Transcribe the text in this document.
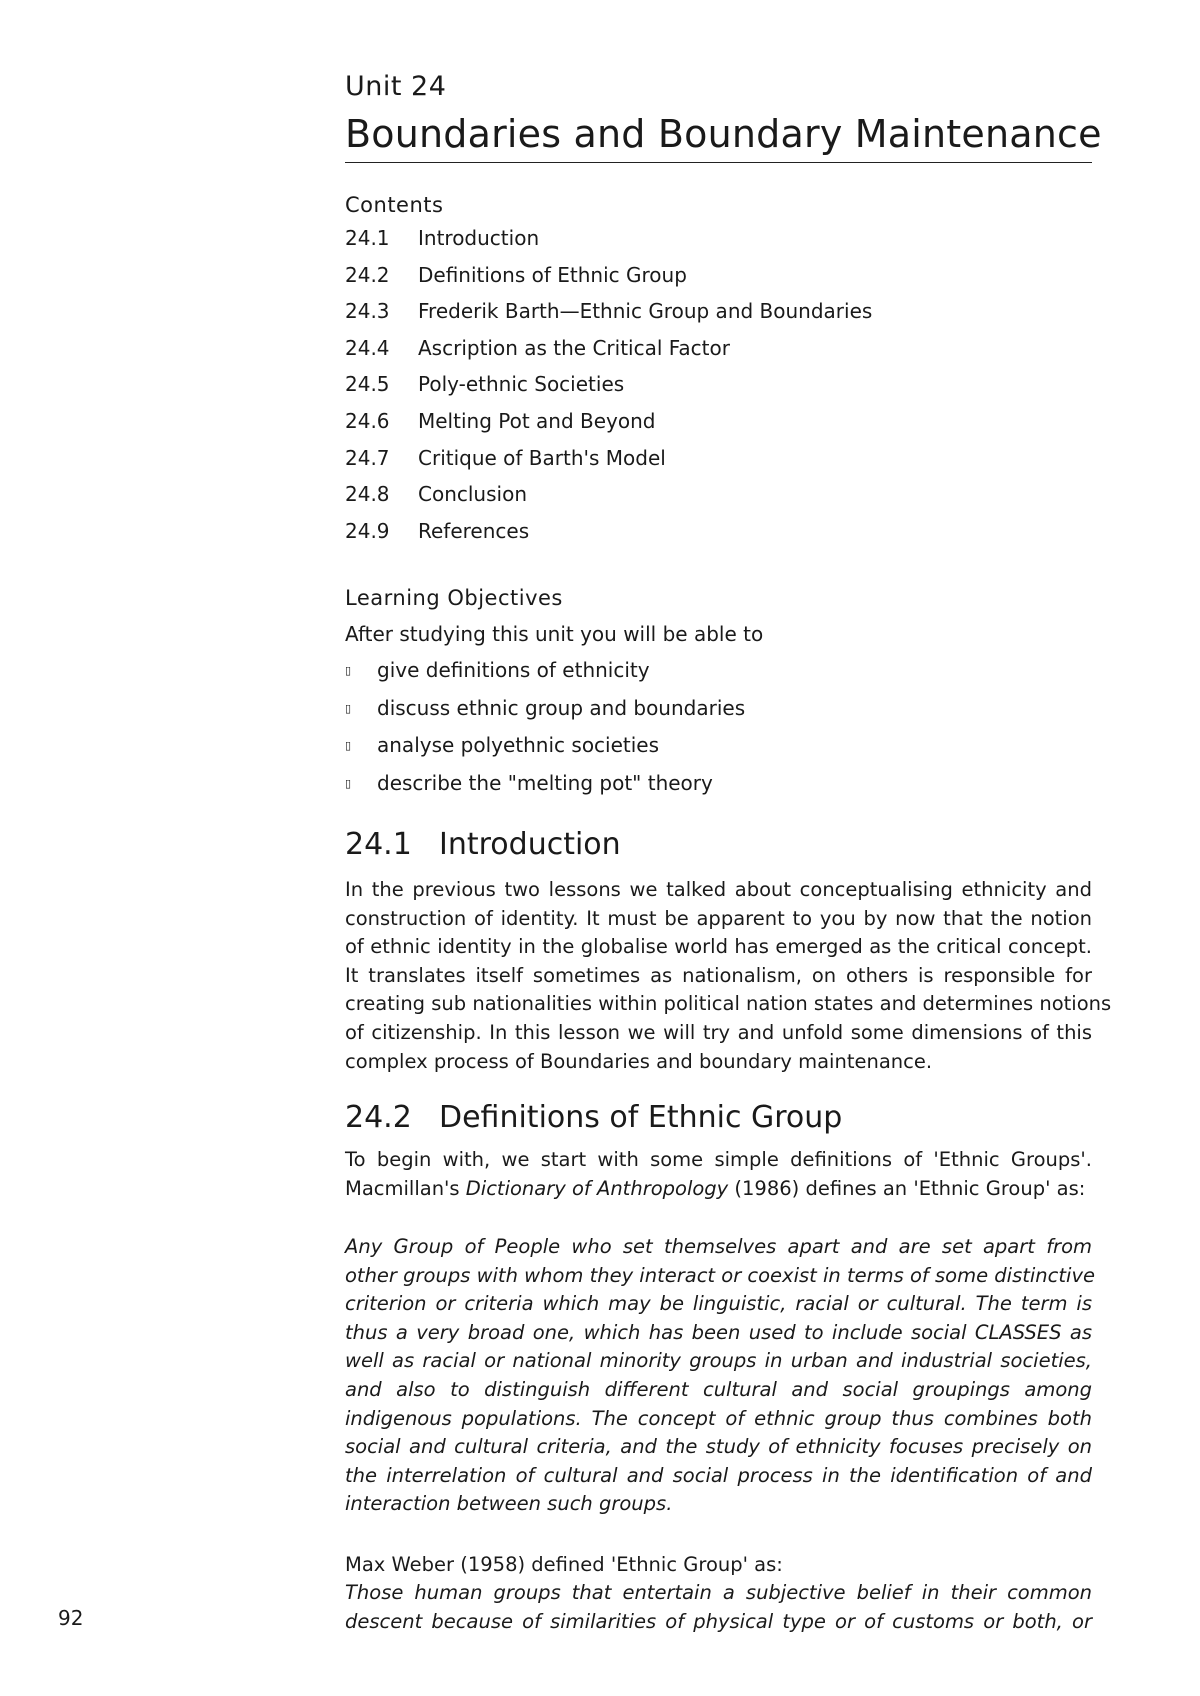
92
Unit 24
Boundaries and Boundary Maintenance
Contents
24.1 Introduction
24.2 Definitions of Ethnic Group
24.3 Frederik Barth—Ethnic Group and Boundaries
24.4 Ascription as the Critical Factor
24.5 Poly-ethnic Societies
24.6 Melting Pot and Beyond
24.7 Critique of Barth's Model
24.8 Conclusion
24.9 References
Learning Objectives
After studying this unit you will be able to
▯ give definitions of ethnicity
▯ discuss ethnic group and boundaries
▯ analyse polyethnic societies
▯ describe the "melting pot" theory
24.1 Introduction
In the previous two lessons we talked about conceptualising ethnicity and
construction of identity. It must be apparent to you by now that the notion
of ethnic identity in the globalise world has emerged as the critical concept.
It translates itself sometimes as nationalism, on others is responsible for
creating sub nationalities within political nation states and determines notions
of citizenship. In this lesson we will try and unfold some dimensions of this
complex process of Boundaries and boundary maintenance.
24.2 Definitions of Ethnic Group
To begin with, we start with some simple definitions of 'Ethnic Groups'.
Macmillan's Dictionary of Anthropology (1986) defines an 'Ethnic Group' as:
Any Group of People who set themselves apart and are set apart from
other groups with whom they interact or coexist in terms of some distinctive
criterion or criteria which may be linguistic, racial or cultural. The term is
thus a very broad one, which has been used to include social CLASSES as
well as racial or national minority groups in urban and industrial societies,
and also to distinguish different cultural and social groupings among
indigenous populations. The concept of ethnic group thus combines both
social and cultural criteria, and the study of ethnicity focuses precisely on
the interrelation of cultural and social process in the identification of and
interaction between such groups.
Max Weber (1958) defined 'Ethnic Group' as:
Those human groups that entertain a subjective belief in their common
descent because of similarities of physical type or of customs or both, or
